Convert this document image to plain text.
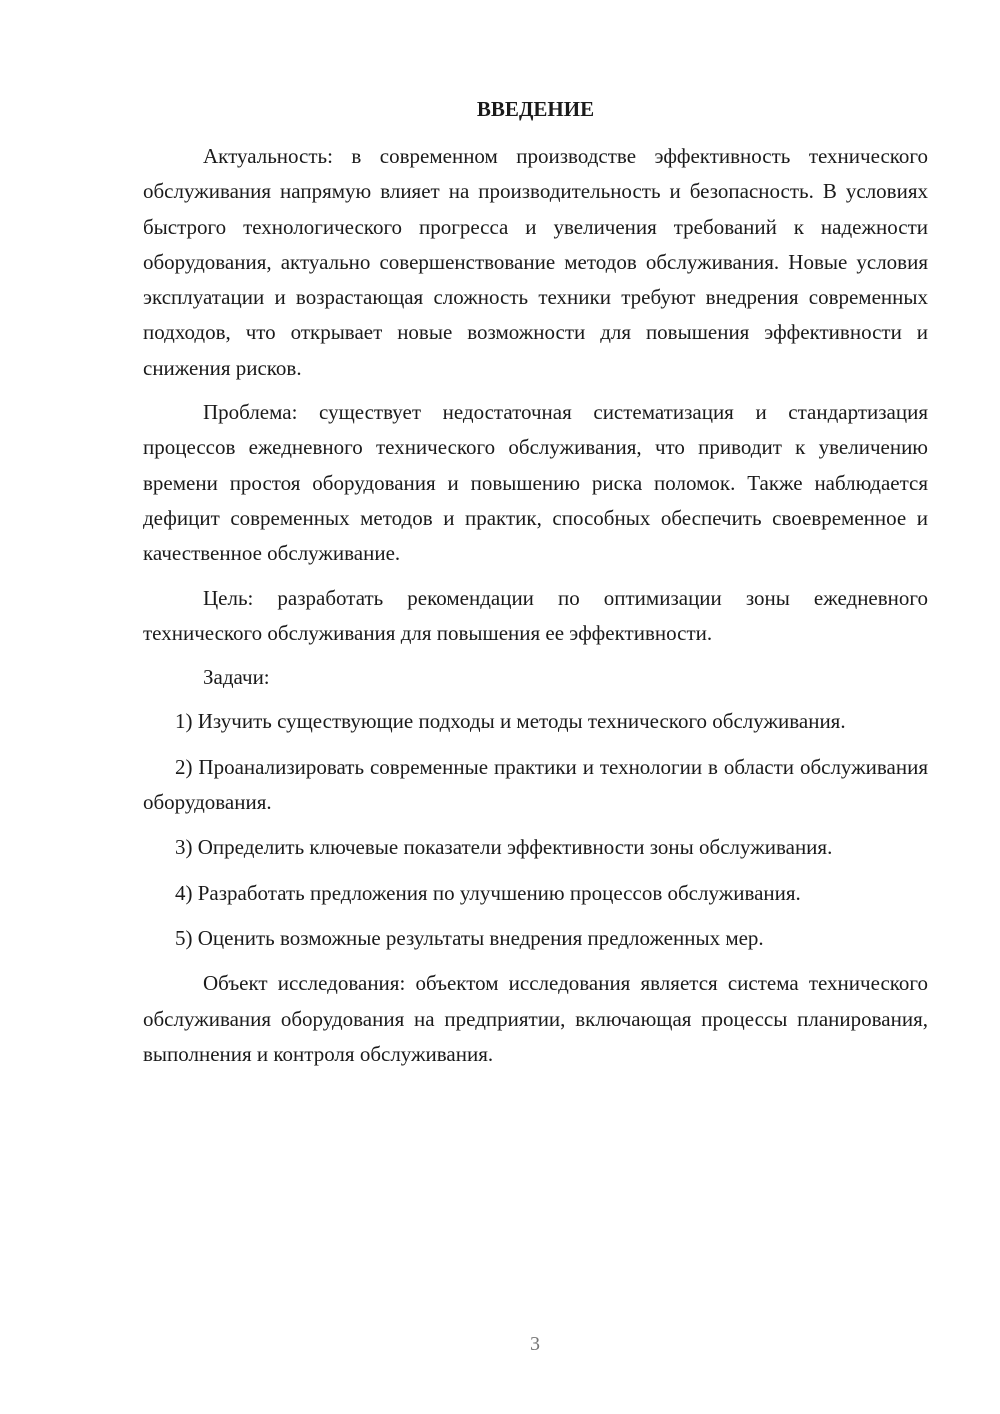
ВВЕДЕНИЕ

Актуальность: в современном производстве эффективность технического обслуживания напрямую влияет на производительность и безопасность. В условиях быстрого технологического прогресса и увеличения требований к надежности оборудования, актуально совершенствование методов обслуживания. Новые условия эксплуатации и возрастающая сложность техники требуют внедрения современных подходов, что открывает новые возможности для повышения эффективности и снижения рисков.

Проблема: существует недостаточная систематизация и стандартизация процессов ежедневного технического обслуживания, что приводит к увеличению времени простоя оборудования и повышению риска поломок. Также наблюдается дефицит современных методов и практик, способных обеспечить своевременное и качественное обслуживание.

Цель: разработать рекомендации по оптимизации зоны ежедневного технического обслуживания для повышения ее эффективности.

Задачи:

1) Изучить существующие подходы и методы технического обслуживания.

2) Проанализировать современные практики и технологии в области обслуживания оборудования.

3) Определить ключевые показатели эффективности зоны обслуживания.

4) Разработать предложения по улучшению процессов обслуживания.

5) Оценить возможные результаты внедрения предложенных мер.

Объект исследования: объектом исследования является система технического обслуживания оборудования на предприятии, включающая процессы планирования, выполнения и контроля обслуживания.

3
